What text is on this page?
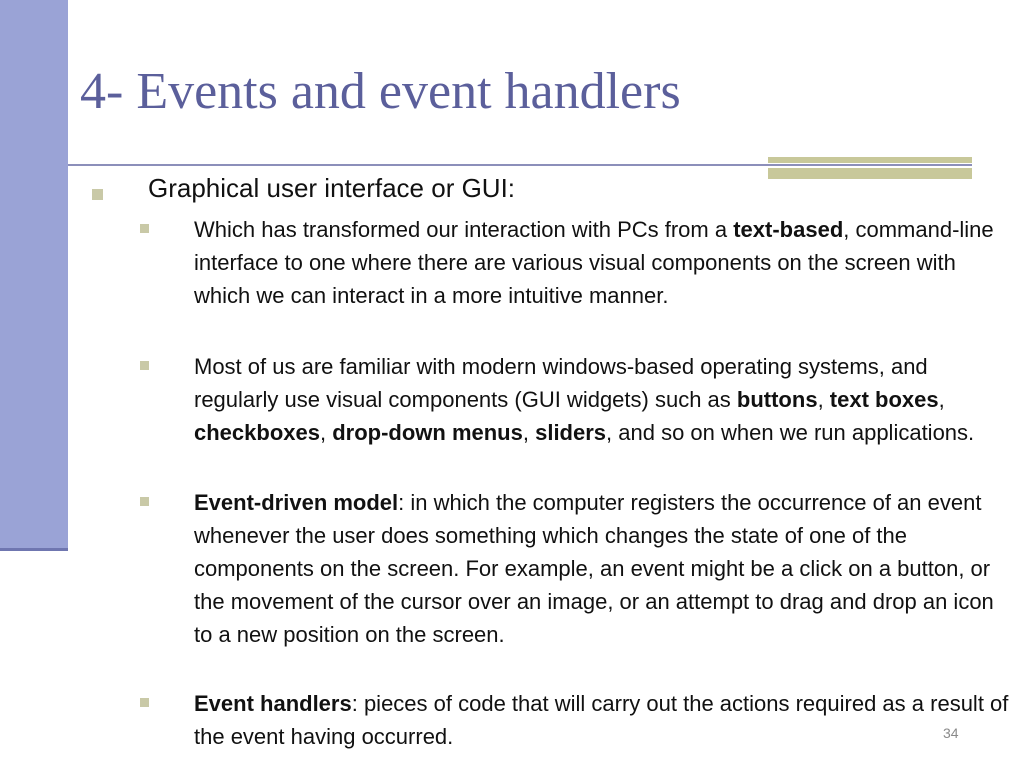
4- Events and event handlers
Graphical user interface or GUI:

Which has transformed our interaction with PCs from a text-based, command-line interface to one where there are various visual components on the screen with which we can interact in a more intuitive manner.

Most of us are familiar with modern windows-based operating systems, and regularly use visual components (GUI widgets) such as buttons, text boxes, checkboxes, drop-down menus, sliders, and so on when we run applications.

Event-driven model: in which the computer registers the occurrence of an event whenever the user does something which changes the state of one of the components on the screen. For example, an event might be a click on a button, or the movement of the cursor over an image, or an attempt to drag and drop an icon to a new position on the screen.

Event handlers: pieces of code that will carry out the actions required as a result of the event having occurred.	34
